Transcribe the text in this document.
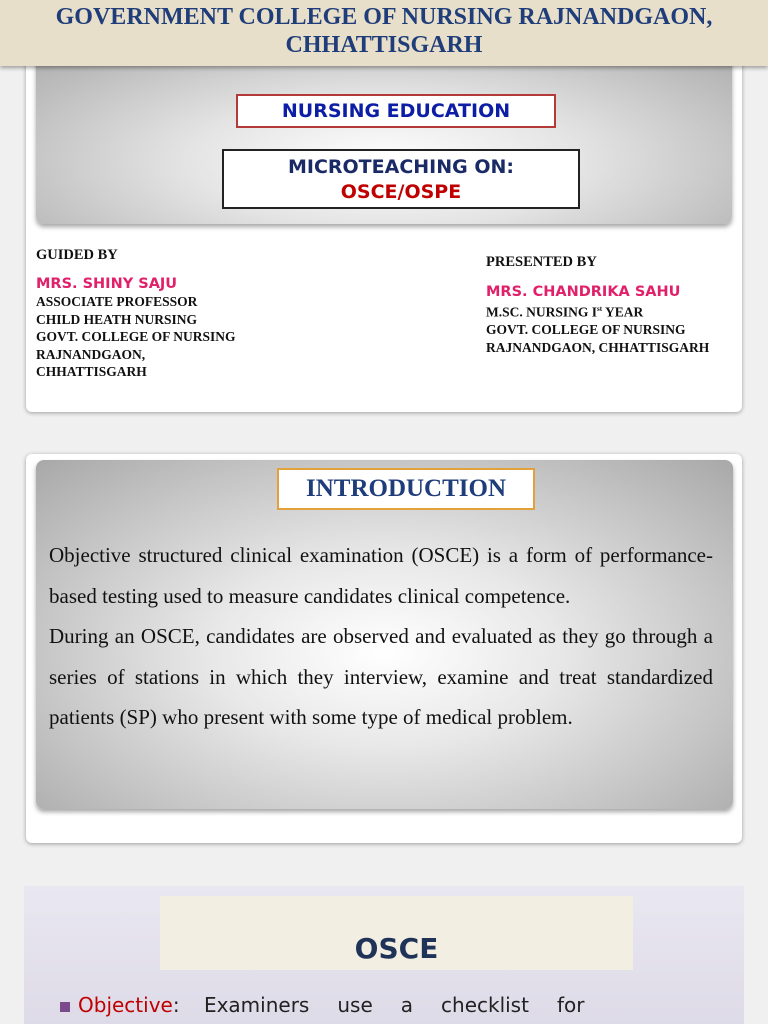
GOVERNMENT COLLEGE OF NURSING RAJNANDGAON,
CHHATTISGARH
NURSING EDUCATION
MICROTEACHING ON:
OSCE/OSPE
GUIDED BY
MRS. SHINY SAJU
ASSOCIATE PROFESSOR
CHILD HEATH NURSING
GOVT. COLLEGE OF NURSING
RAJNANDGAON,
CHHATTISGARH
PRESENTED BY
MRS. CHANDRIKA SAHU
M.SC. NURSING Ist YEAR
GOVT. COLLEGE OF NURSING
RAJNANDGAON, CHHATTISGARH
INTRODUCTION

Objective structured clinical examination (OSCE) is a form of performance-based testing used to measure candidates clinical competence.

During an OSCE, candidates are observed and evaluated as they go through a series of stations in which they interview, examine and treat standardized patients (SP) who present with some type of medical problem.

OSCE
Objective: Examiners use a checklist for
